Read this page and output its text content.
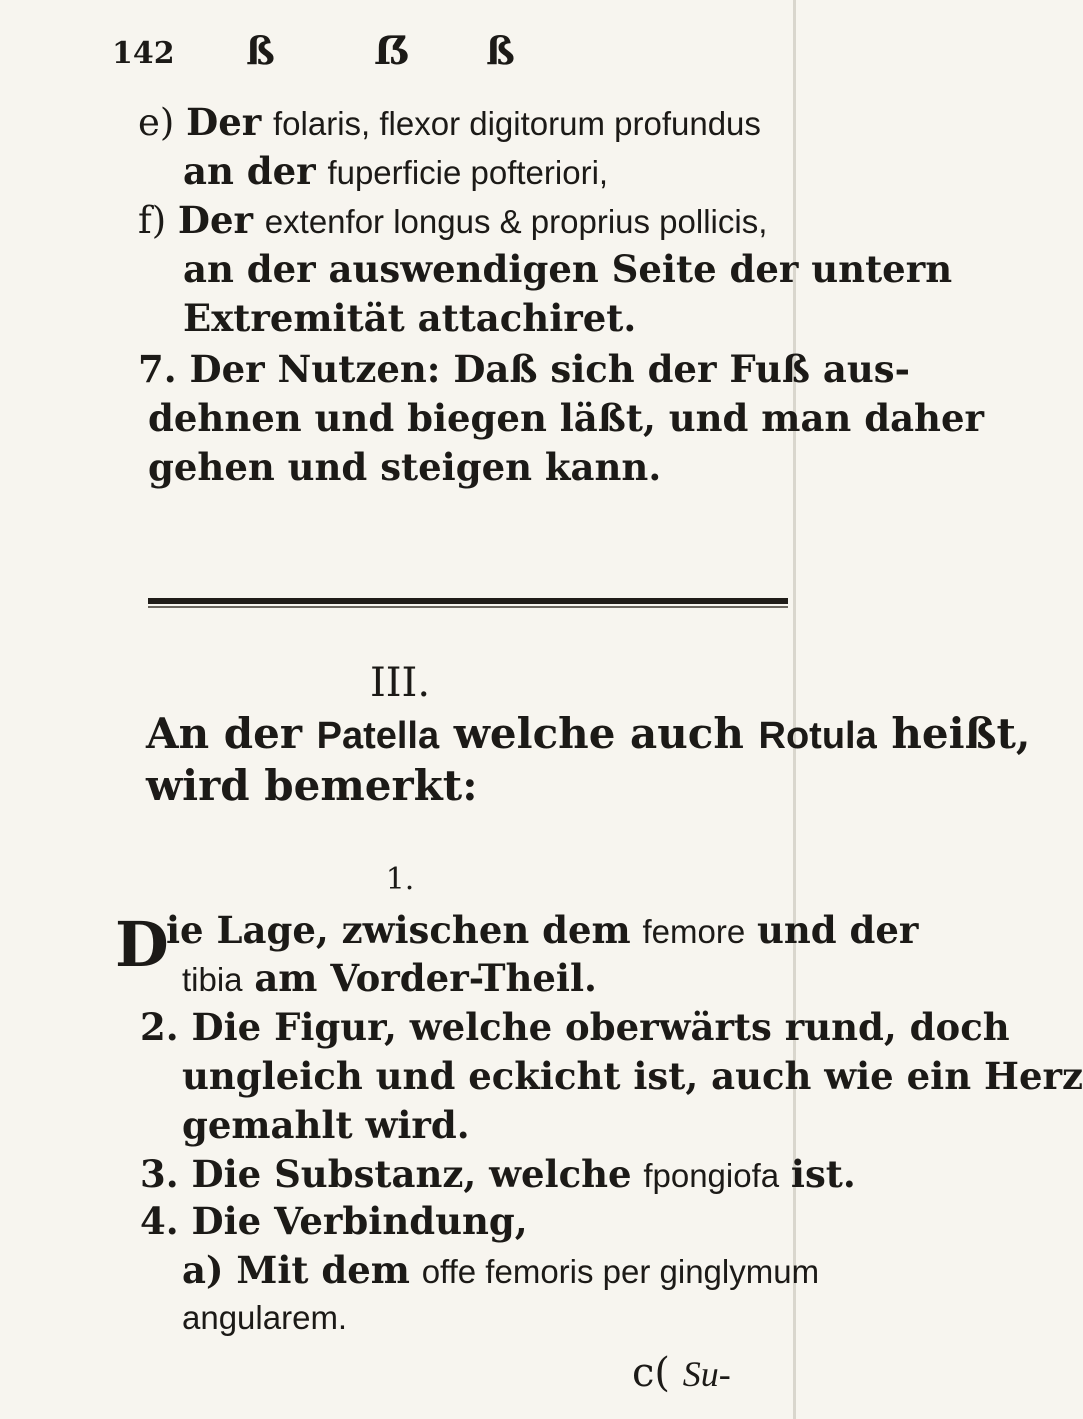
142 ß	ẞ ß
e) Der folaris, flexor digitorum profundus
an der fuperficie pofteriori,
f) Der extenfor longus & proprius pollicis,
an der auswendigen Seite der untern
Extremität attachiret.
7. Der Nutzen: Daß sich der Fuß aus-
dehnen und biegen läßt, und man daher
gehen und steigen kann.
III.
An der Patella welche auch Rotula heißt,
wird bemerkt:
1.
D
ie Lage, zwischen dem femore und der
tibia am Vorder-Theil.
2. Die Figur, welche oberwärts rund, doch
ungleich und eckicht ist, auch wie ein Herz
gemahlt wird.
3. Die Substanz, welche fpongiofa ist.
4. Die Verbindung,
a) Mit dem offe femoris per ginglymum
angularem.
c( Su-
